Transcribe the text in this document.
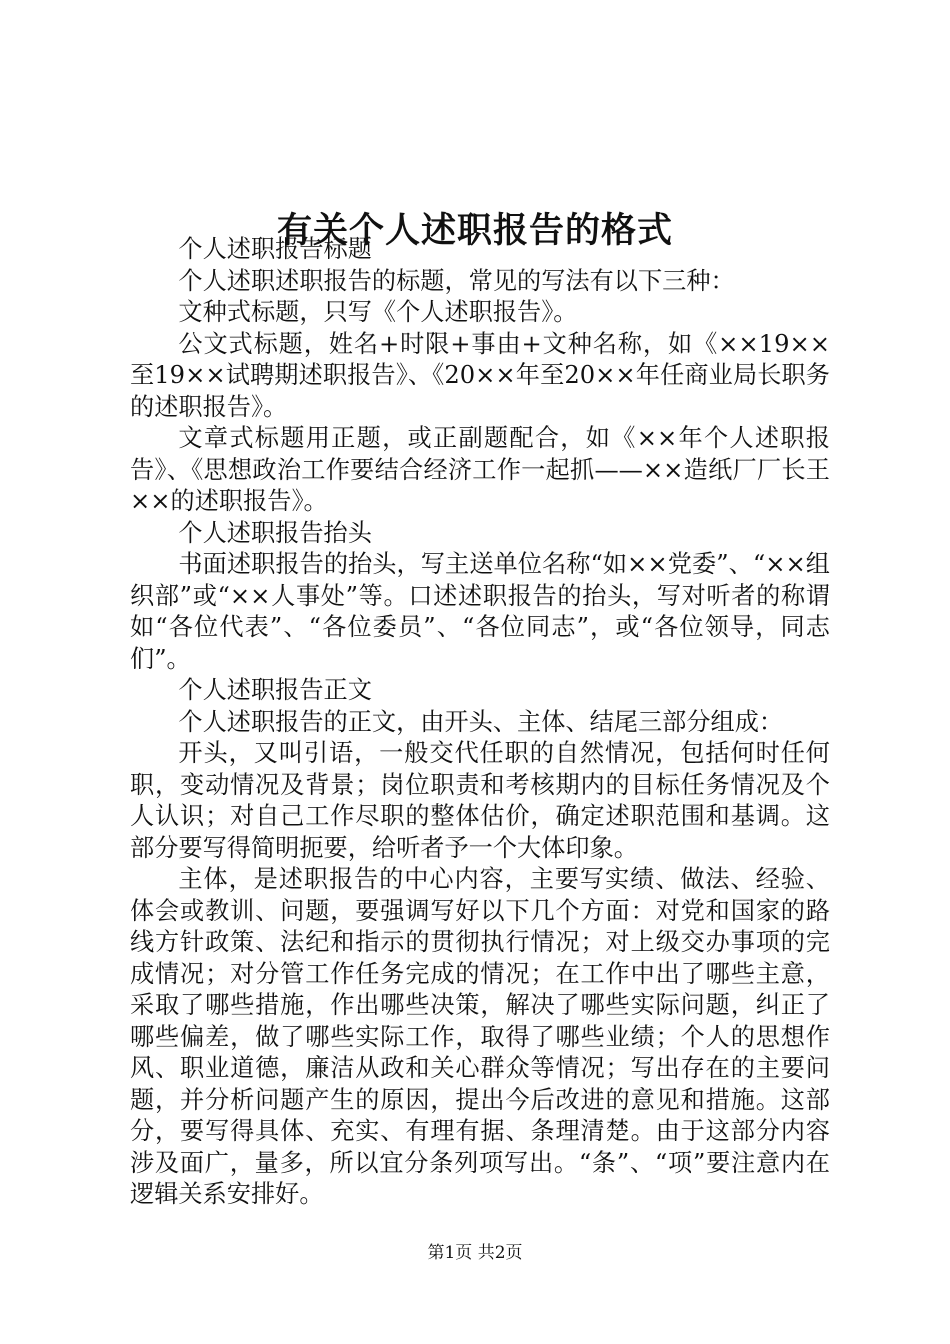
有关个人述职报告的格式

个人述职报告标题

个人述职述职报告的标题，常见的写法有以下三种：

文种式标题，只写《个人述职报告》。

公文式标题，姓名+时限+事由+文种名称，如《××19××至19××试聘期述职报告》、《20××年至20××年任商业局长职务的述职报告》。

文章式标题用正题，或正副题配合，如《××年个人述职报告》、《思想政治工作要结合经济工作一起抓——××造纸厂厂长王××的述职报告》。

个人述职报告抬头

书面述职报告的抬头，写主送单位名称“如××党委”、“××组织部”或“××人事处”等。口述述职报告的抬头，写对听者的称谓如“各位代表”、“各位委员”、“各位同志”，或“各位领导，同志们”。

个人述职报告正文

个人述职报告的正文，由开头、主体、结尾三部分组成：

开头，又叫引语，一般交代任职的自然情况，包括何时任何职，变动情况及背景；岗位职责和考核期内的目标任务情况及个人认识；对自己工作尽职的整体估价，确定述职范围和基调。这部分要写得简明扼要，给听者予一个大体印象。

主体，是述职报告的中心内容，主要写实绩、做法、经验、体会或教训、问题，要强调写好以下几个方面：对党和国家的路线方针政策、法纪和指示的贯彻执行情况；对上级交办事项的完成情况；对分管工作任务完成的情况；在工作中出了哪些主意，采取了哪些措施，作出哪些决策，解决了哪些实际问题，纠正了哪些偏差，做了哪些实际工作，取得了哪些业绩；个人的思想作风、职业道德，廉洁从政和关心群众等情况；写出存在的主要问题，并分析问题产生的原因，提出今后改进的意见和措施。这部分，要写得具体、充实、有理有据、条理清楚。由于这部分内容涉及面广，量多，所以宜分条列项写出。“条”、“项”要注意内在逻辑关系安排好。

第1页 共2页
